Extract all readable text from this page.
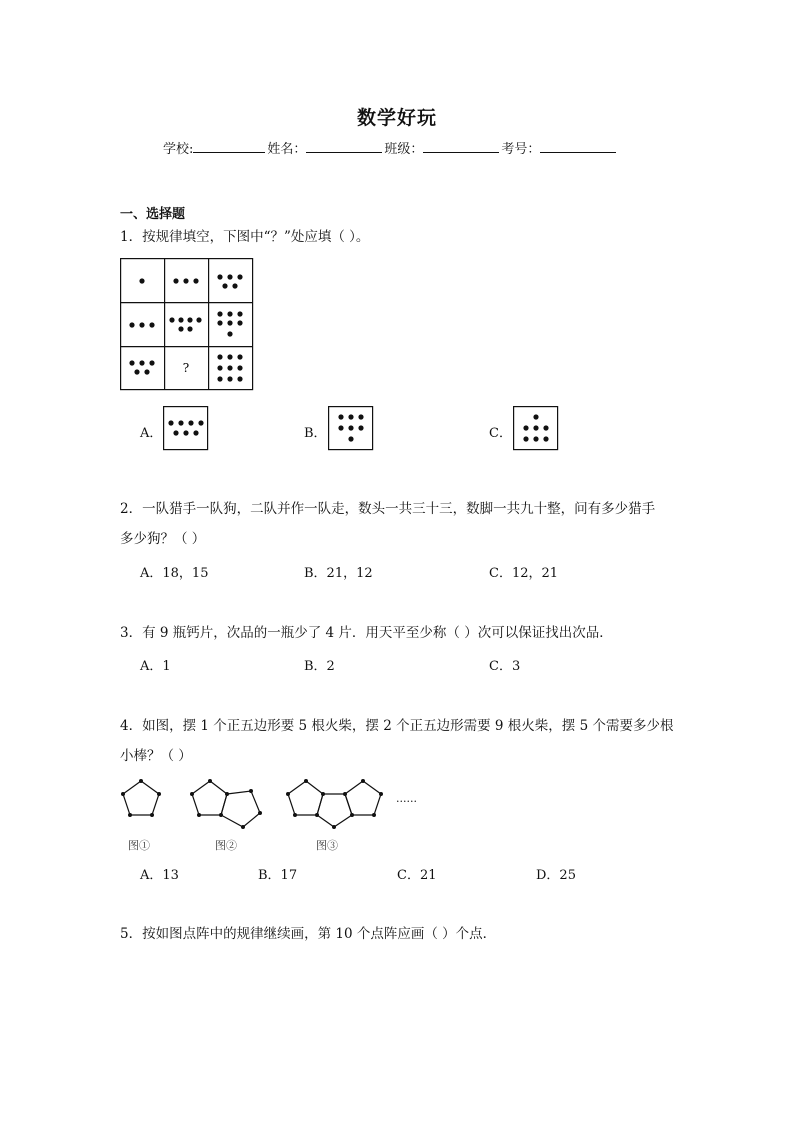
数学好玩
学校:	姓名：	班级：	考号：
一、选择题
1．按规律填空，下图中“？”处应填（ ）。
?
A．	B．	C．
2．一队猎手一队狗，二队并作一队走，数头一共三十三，数脚一共九十整，问有多少猎手
多少狗？（ ）
A．18，15	B．21，12	C．12，21
3．有 9 瓶钙片，次品的一瓶少了 4 片．用天平至少称（ ）次可以保证找出次品．
A．1	B．2	C．3
4．如图，摆 1 个正五边形要 5 根火柴，摆 2 个正五边形需要 9 根火柴，摆 5 个需要多少根
小棒？（ ）
......
图①	图②	图③
A．13	B．17	C．21	D．25
5．按如图点阵中的规律继续画，第 10 个点阵应画（ ）个点．
